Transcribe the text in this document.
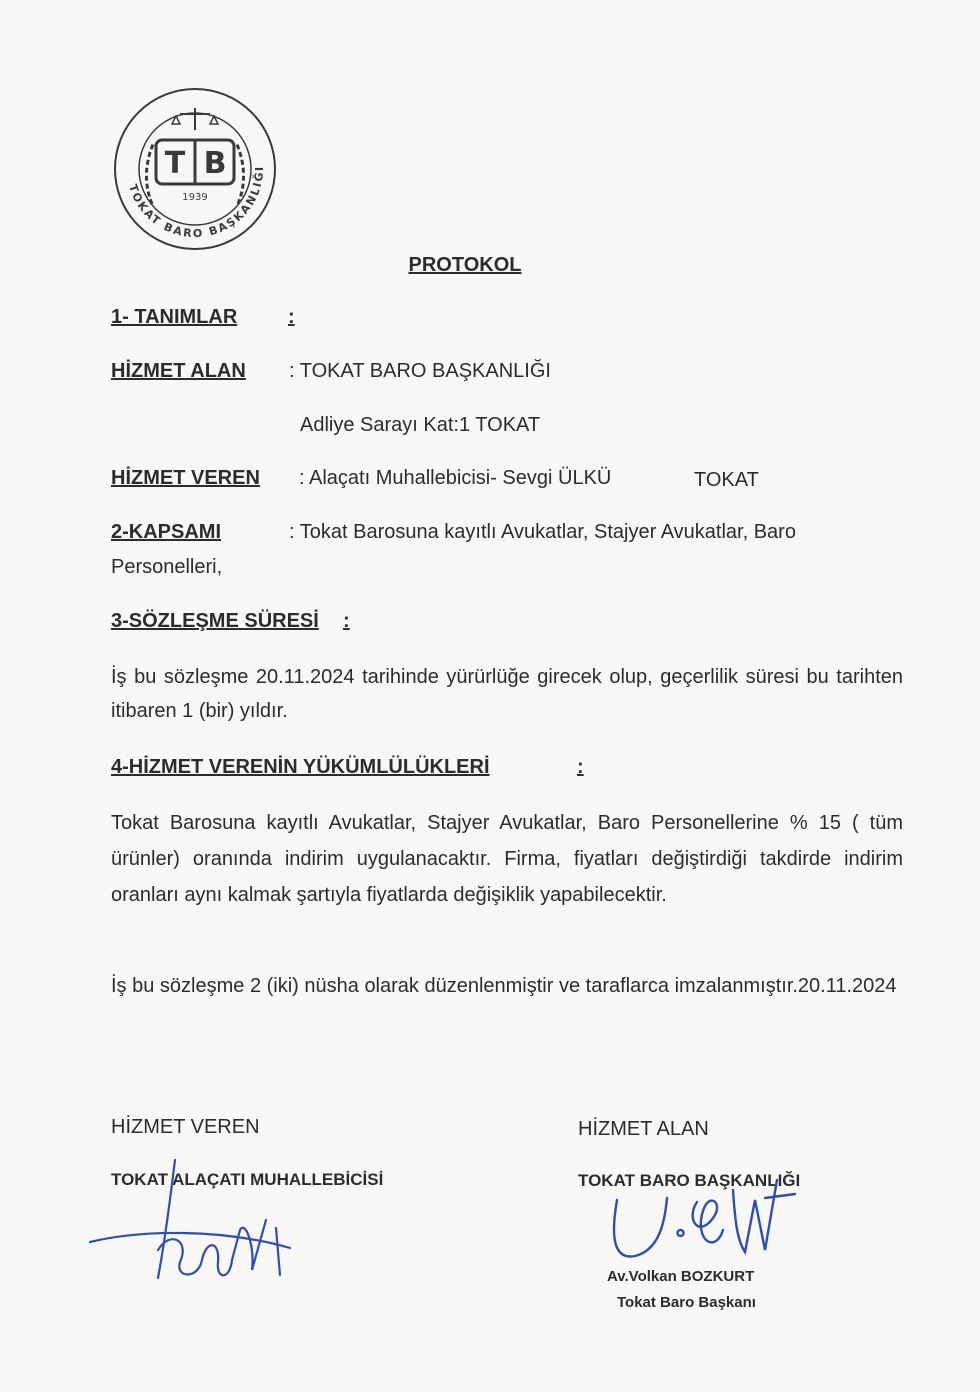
TOKAT BARO BAŞKANLIĞI
T B
1939
PROTOKOL
1- TANIMLAR	:
HİZMET ALAN : TOKAT BARO BAŞKANLIĞI
Adliye Sarayı Kat:1 TOKAT
HİZMET VEREN : Alaçatı Muhallebicisi- Sevgi ÜLKÜ	TOKAT
2-KAPSAMI	: Tokat Barosuna kayıtlı Avukatlar, Stajyer Avukatlar, Baro
Personelleri,
3-SÖZLEŞME SÜRESİ :
İş bu sözleşme 20.11.2024 tarihinde yürürlüğe girecek olup, geçerlilik süresi bu tarihten itibaren 1 (bir) yıldır.
4-HİZMET VERENİN YÜKÜMLÜLÜKLERİ	:
Tokat Barosuna kayıtlı Avukatlar, Stajyer Avukatlar, Baro Personellerine % 15 ( tüm ürünler) oranında indirim uygulanacaktır. Firma, fiyatları değiştirdiği takdirde indirim oranları aynı kalmak şartıyla fiyatlarda değişiklik yapabilecektir.
İş bu sözleşme 2 (iki) nüsha olarak düzenlenmiştir ve taraflarca imzalanmıştır.20.11.2024
HİZMET VEREN
TOKAT ALAÇATI MUHALLEBİCİSİ
HİZMET ALAN
TOKAT BARO BAŞKANLIĞI
Av.Volkan BOZKURT
Tokat Baro Başkanı
